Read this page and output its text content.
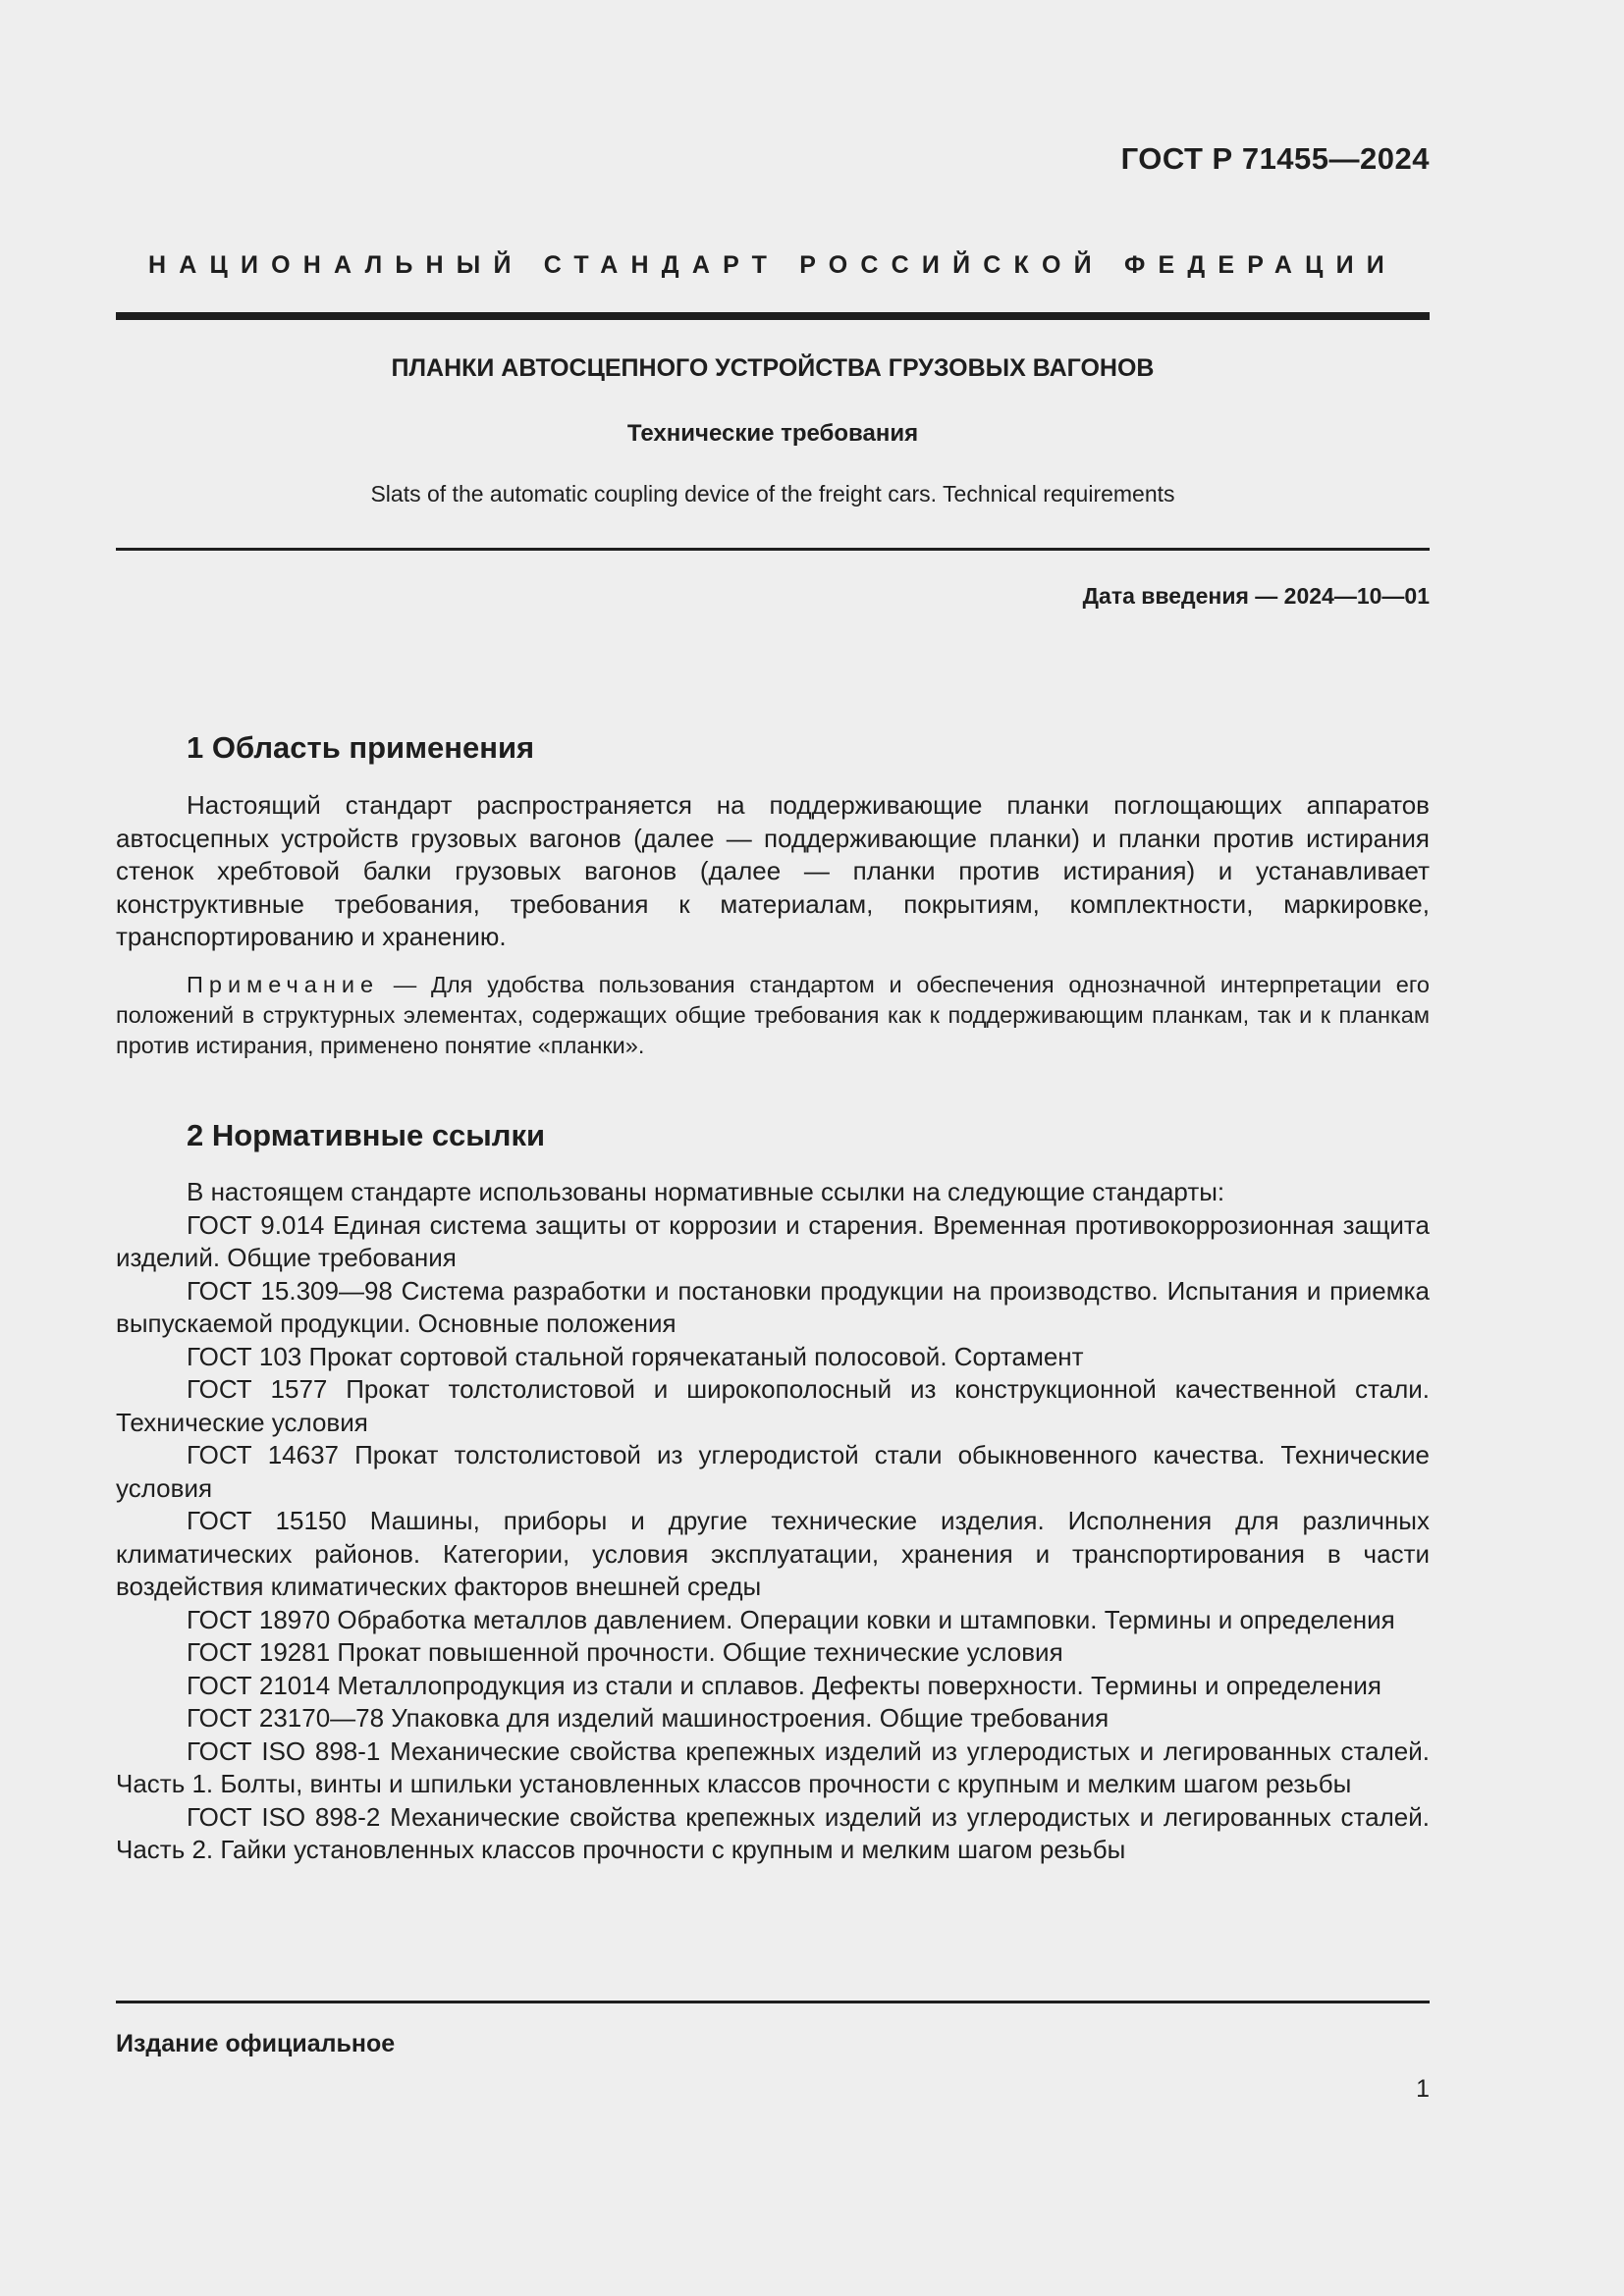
ГОСТ Р 71455—2024
НАЦИОНАЛЬНЫЙ СТАНДАРТ РОССИЙСКОЙ ФЕДЕРАЦИИ
ПЛАНКИ АВТОСЦЕПНОГО УСТРОЙСТВА ГРУЗОВЫХ ВАГОНОВ
Технические требования
Slats of the automatic coupling device of the freight cars. Technical requirements
Дата введения — 2024—10—01
1 Область применения

Настоящий стандарт распространяется на поддерживающие планки поглощающих аппаратов автосцепных устройств грузовых вагонов (далее — поддерживающие планки) и планки против истирания стенок хребтовой балки грузовых вагонов (далее — планки против истирания) и устанавливает конструктивные требования, требования к материалам, покрытиям, комплектности, маркировке, транспортированию и хранению.

Примечание — Для удобства пользования стандартом и обеспечения однозначной интерпретации его положений в структурных элементах, содержащих общие требования как к поддерживающим планкам, так и к планкам против истирания, применено понятие «планки».

2 Нормативные ссылки

В настоящем стандарте использованы нормативные ссылки на следующие стандарты:

ГОСТ 9.014 Единая система защиты от коррозии и старения. Временная противокоррозионная защита изделий. Общие требования

ГОСТ 15.309—98 Система разработки и постановки продукции на производство. Испытания и приемка выпускаемой продукции. Основные положения

ГОСТ 103 Прокат сортовой стальной горячекатаный полосовой. Сортамент

ГОСТ 1577 Прокат толстолистовой и широкополосный из конструкционной качественной стали. Технические условия

ГОСТ 14637 Прокат толстолистовой из углеродистой стали обыкновенного качества. Технические условия

ГОСТ 15150 Машины, приборы и другие технические изделия. Исполнения для различных климатических районов. Категории, условия эксплуатации, хранения и транспортирования в части воздействия климатических факторов внешней среды

ГОСТ 18970 Обработка металлов давлением. Операции ковки и штамповки. Термины и определения

ГОСТ 19281 Прокат повышенной прочности. Общие технические условия

ГОСТ 21014 Металлопродукция из стали и сплавов. Дефекты поверхности. Термины и определения

ГОСТ 23170—78 Упаковка для изделий машиностроения. Общие требования

ГОСТ ISO 898-1 Механические свойства крепежных изделий из углеродистых и легированных сталей. Часть 1. Болты, винты и шпильки установленных классов прочности с крупным и мелким шагом резьбы

ГОСТ ISO 898-2 Механические свойства крепежных изделий из углеродистых и легированных сталей. Часть 2. Гайки установленных классов прочности с крупным и мелким шагом резьбы

Издание официальное
1
